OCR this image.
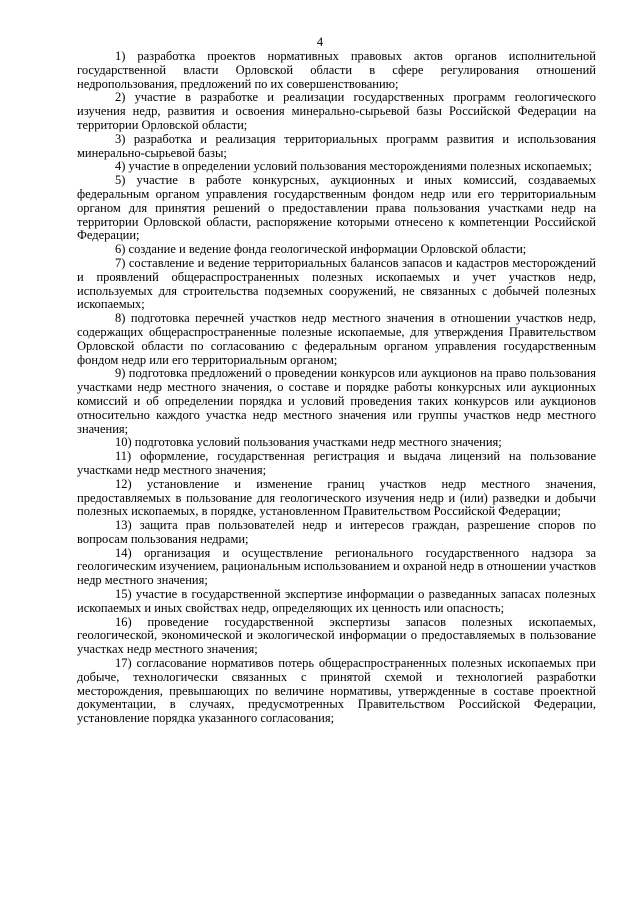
4

1) разработка проектов нормативных правовых актов органов исполнительной государственной власти Орловской области в сфере регулирования отношений недропользования, предложений по их совершенствованию;

2) участие в разработке и реализации государственных программ геологического изучения недр, развития и освоения минерально-сырьевой базы Российской Федерации на территории Орловской области;

3) разработка и реализация территориальных программ развития и использования минерально-сырьевой базы;

4) участие в определении условий пользования месторождениями полезных ископаемых;

5) участие в работе конкурсных, аукционных и иных комиссий, создаваемых федеральным органом управления государственным фондом недр или его территориальным органом для принятия решений о предоставлении права пользования участками недр на территории Орловской области, распоряжение которыми отнесено к компетенции Российской Федерации;

6) создание и ведение фонда геологической информации Орловской области;

7) составление и ведение территориальных балансов запасов и кадастров месторождений и проявлений общераспространенных полезных ископаемых и учет участков недр, используемых для строительства подземных сооружений, не связанных с добычей полезных ископаемых;

8) подготовка перечней участков недр местного значения в отношении участков недр, содержащих общераспространенные полезные ископаемые, для утверждения Правительством Орловской области по согласованию с федеральным органом управления государственным фондом недр или его территориальным органом;

9) подготовка предложений о проведении конкурсов или аукционов на право пользования участками недр местного значения, о составе и порядке работы конкурсных или аукционных комиссий и об определении порядка и условий проведения таких конкурсов или аукционов относительно каждого участка недр местного значения или группы участков недр местного значения;

10) подготовка условий пользования участками недр местного значения;

11) оформление, государственная регистрация и выдача лицензий на пользование участками недр местного значения;

12) установление и изменение границ участков недр местного значения, предоставляемых в пользование для геологического изучения недр и (или) разведки и добычи полезных ископаемых, в порядке, установленном Правительством Российской Федерации;

13) защита прав пользователей недр и интересов граждан, разрешение споров по вопросам пользования недрами;

14) организация и осуществление регионального государственного надзора за геологическим изучением, рациональным использованием и охраной недр в отношении участков недр местного значения;

15) участие в государственной экспертизе информации о разведанных запасах полезных ископаемых и иных свойствах недр, определяющих их ценность или опасность;

16) проведение государственной экспертизы запасов полезных ископаемых, геологической, экономической и экологической информации о предоставляемых в пользование участках недр местного значения;

17) согласование нормативов потерь общераспространенных полезных ископаемых при добыче, технологически связанных с принятой схемой и технологией разработки месторождения, превышающих по величине нормативы, утвержденные в составе проектной документации, в случаях, предусмотренных Правительством Российской Федерации, установление порядка указанного согласования;
